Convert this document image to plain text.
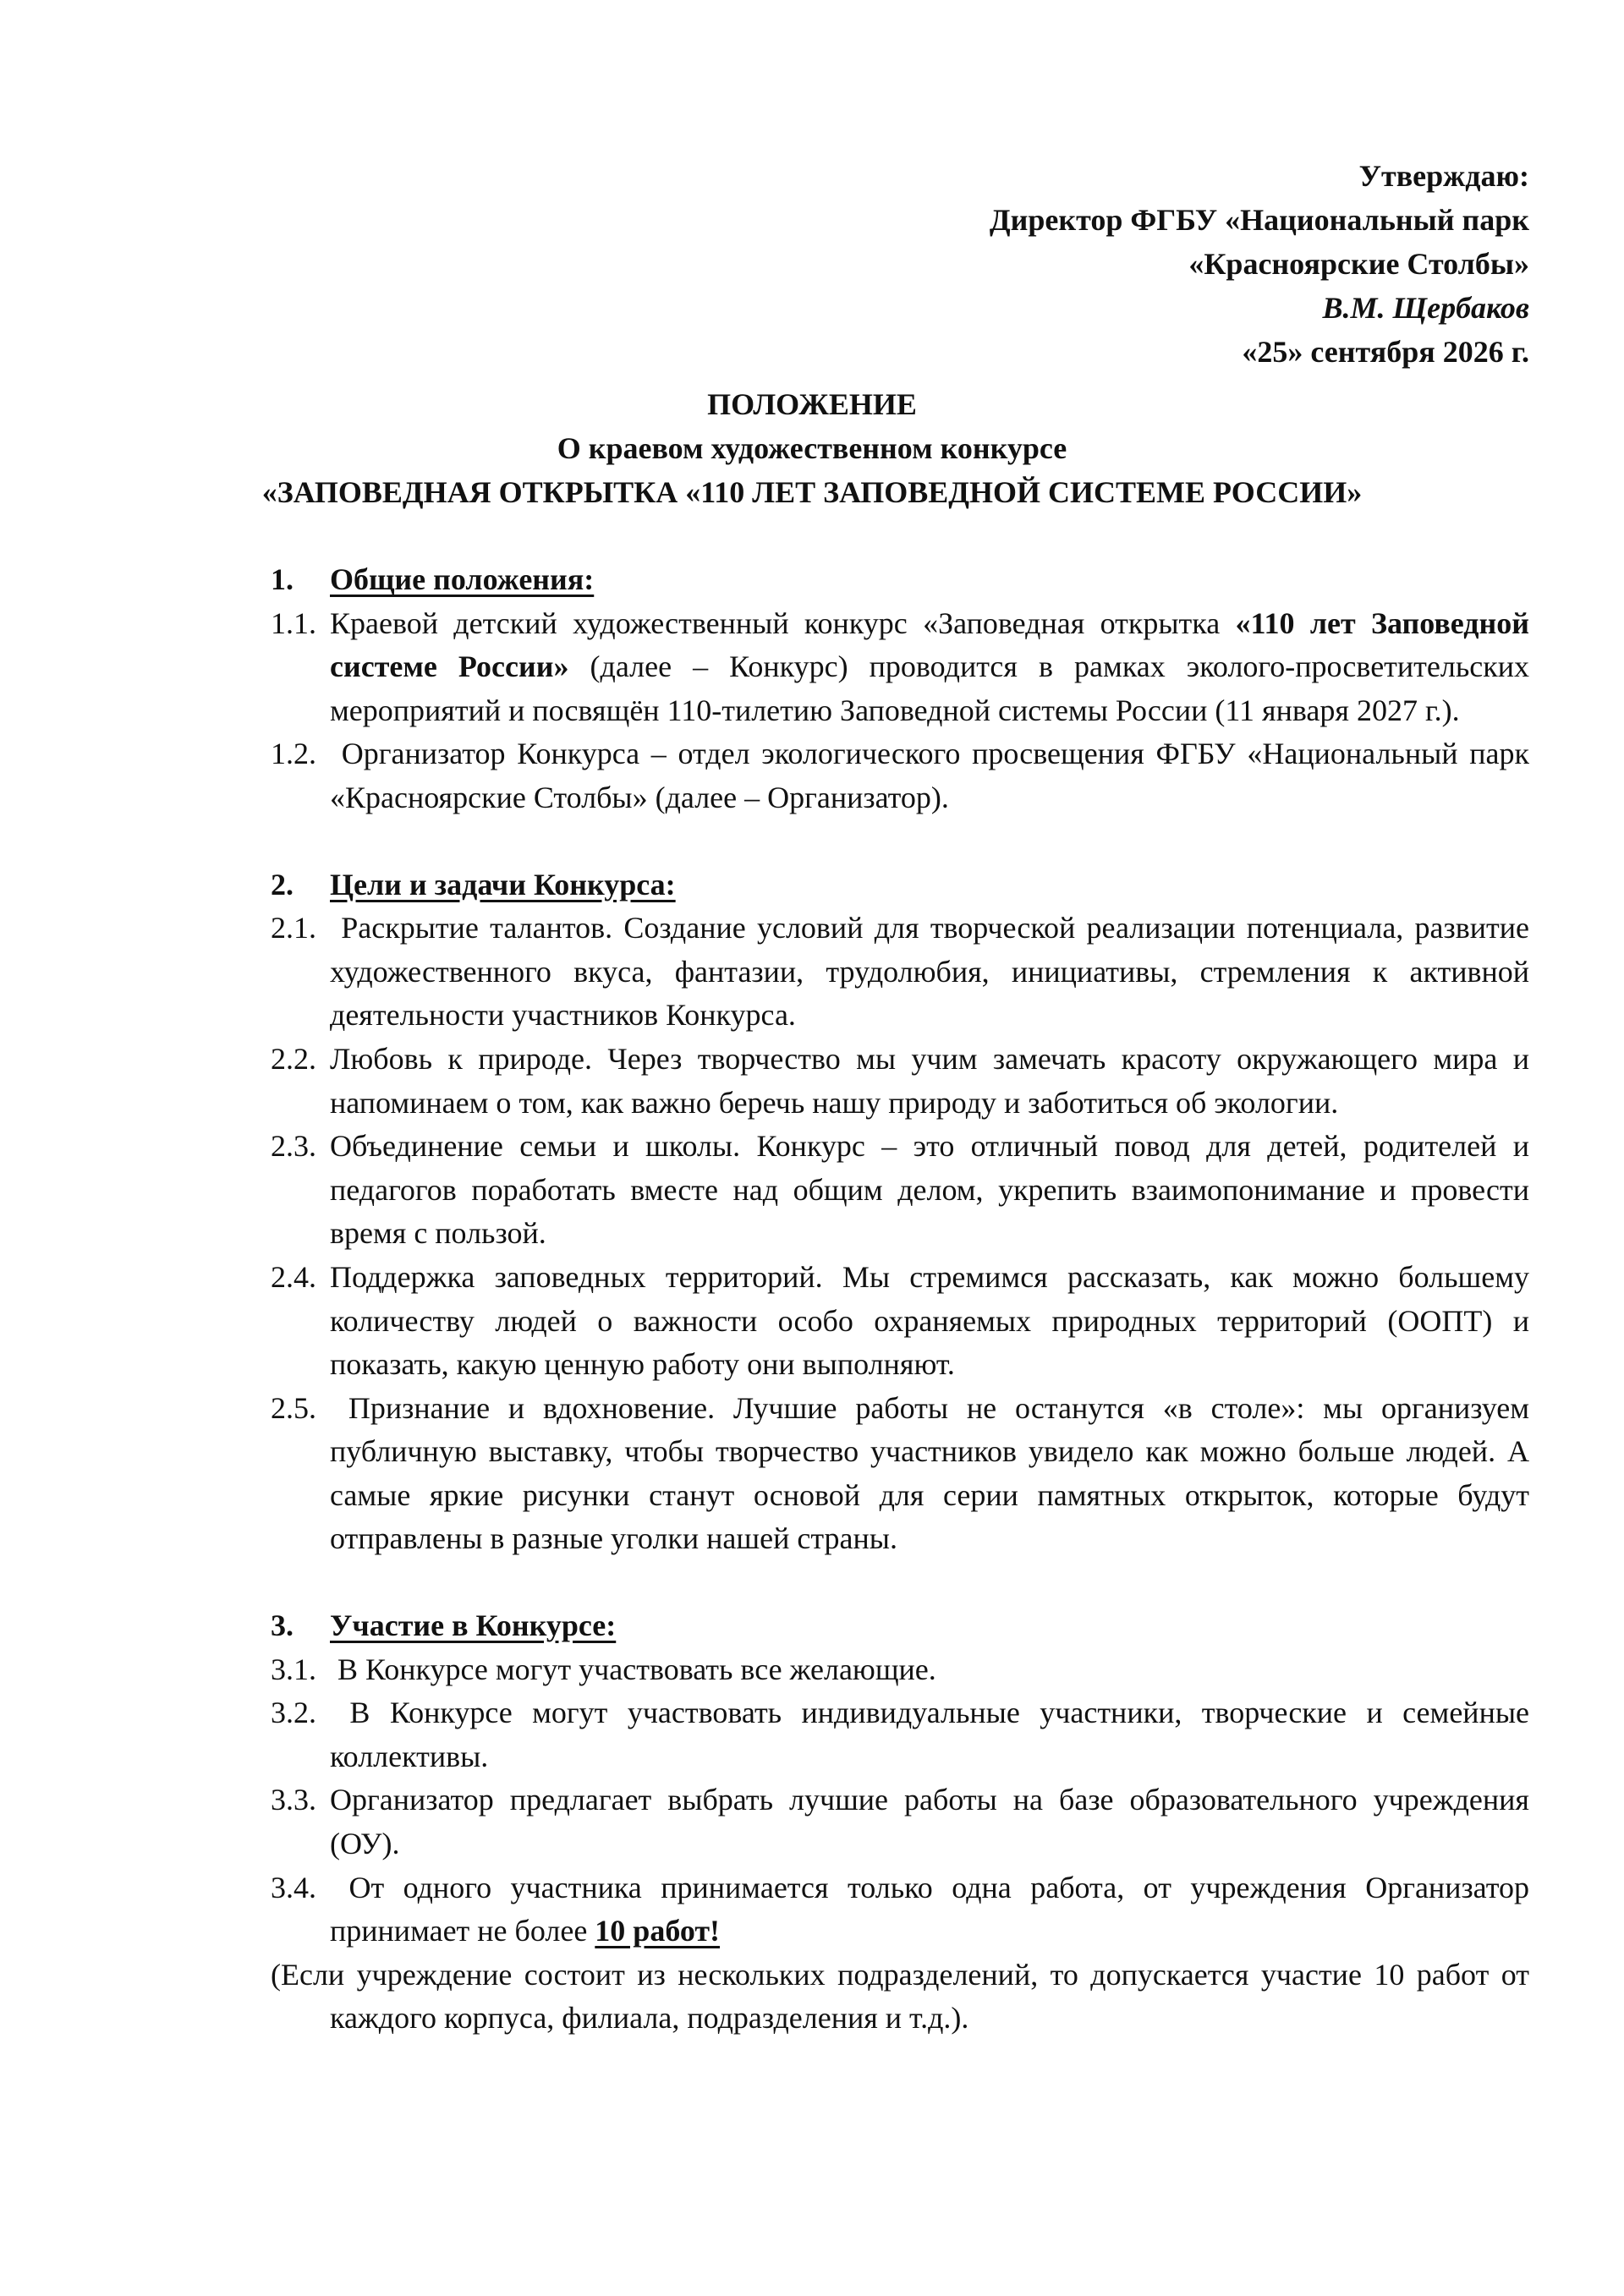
Утверждаю:
Директор ФГБУ «Национальный парк
«Красноярские Столбы»
В.М. Щербаков
«25» сентября 2026 г.
ПОЛОЖЕНИЕ
О краевом художественном конкурсе
«ЗАПОВЕДНАЯ ОТКРЫТКА «110 ЛЕТ ЗАПОВЕДНОЙ СИСТЕМЕ РОССИИ»
1.	Общие положения:
1.1. Краевой детский художественный конкурс «Заповедная открытка «110 лет Заповедной системе России» (далее – Конкурс) проводится в рамках эколого-просветительских мероприятий и посвящён 110-тилетию Заповедной системы России (11 января 2027 г.).
1.2. Организатор Конкурса – отдел экологического просвещения ФГБУ «Национальный парк «Красноярские Столбы» (далее – Организатор).
2.	Цели и задачи Конкурса:
2.1. Раскрытие талантов. Создание условий для творческой реализации потенциала, развитие художественного вкуса, фантазии, трудолюбия, инициативы, стремления к активной деятельности участников Конкурса.
2.2. Любовь к природе. Через творчество мы учим замечать красоту окружающего мира и напоминаем о том, как важно беречь нашу природу и заботиться об экологии.
2.3. Объединение семьи и школы. Конкурс – это отличный повод для детей, родителей и педагогов поработать вместе над общим делом, укрепить взаимопонимание и провести время с пользой.
2.4. Поддержка заповедных территорий. Мы стремимся рассказать, как можно большему количеству людей о важности особо охраняемых природных территорий (ООПТ) и показать, какую ценную работу они выполняют.
2.5. Признание и вдохновение. Лучшие работы не останутся «в столе»: мы организуем публичную выставку, чтобы творчество участников увидело как можно больше людей. А самые яркие рисунки станут основой для серии памятных открыток, которые будут отправлены в разные уголки нашей страны.
3.	Участие в Конкурсе:
3.1. В Конкурсе могут участвовать все желающие.
3.2. В Конкурсе могут участвовать индивидуальные участники, творческие и семейные коллективы.
3.3. Организатор предлагает выбрать лучшие работы на базе образовательного учреждения (ОУ).
3.4. От одного участника принимается только одна работа, от учреждения Организатор принимает не более 10 работ!
(Если учреждение состоит из нескольких подразделений, то допускается участие 10 работ от каждого корпуса, филиала, подразделения и т.д.).
